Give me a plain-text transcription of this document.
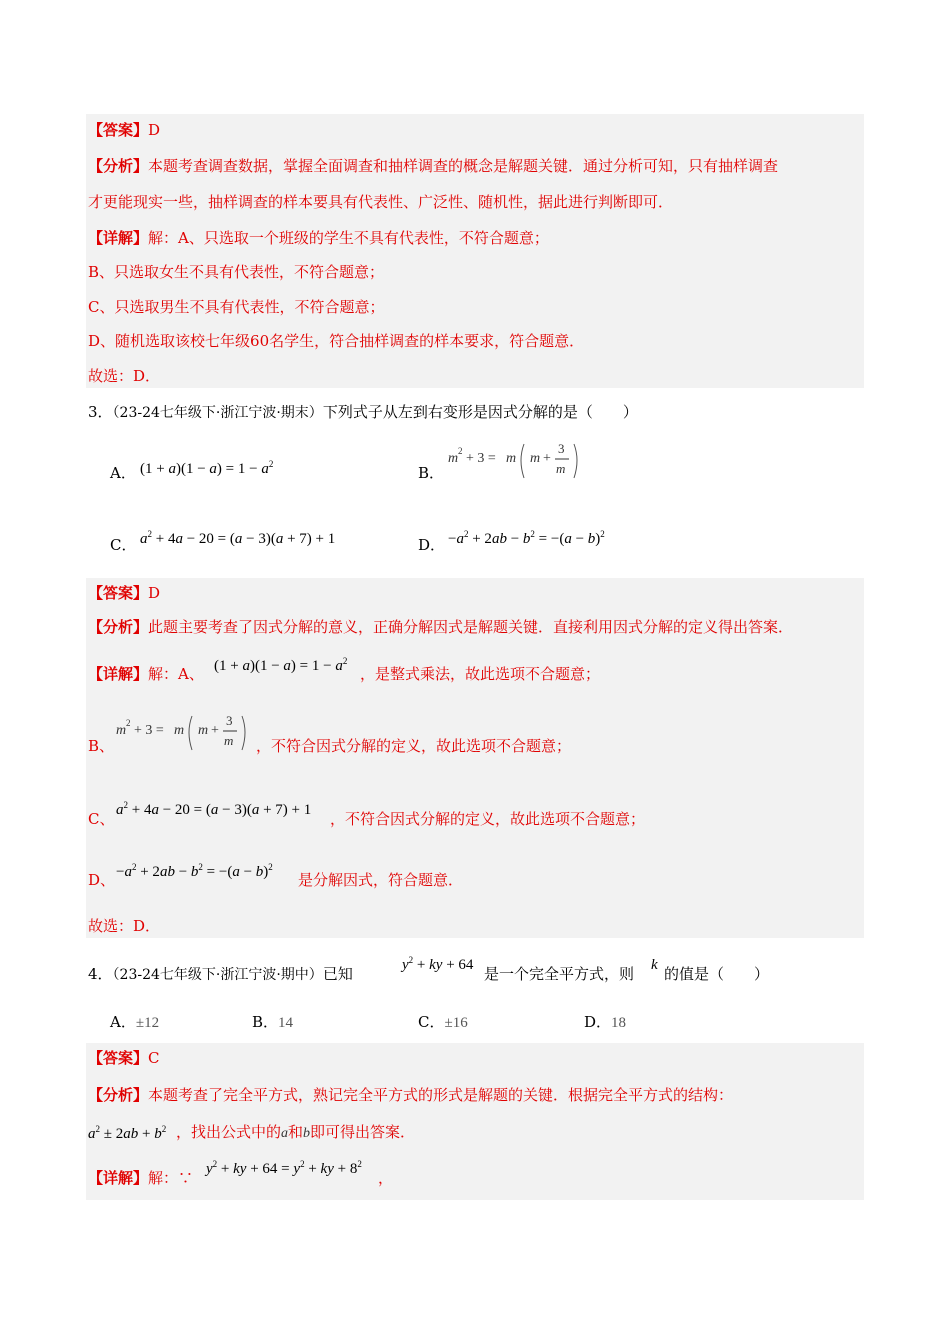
【答案】D
【分析】本题考查调查数据，掌握全面调查和抽样调查的概念是解题关键．通过分析可知，只有抽样调查
才更能现实一些，抽样调查的样本要具有代表性、广泛性、随机性，据此进行判断即可．
【详解】解：A、只选取一个班级的学生不具有代表性，不符合题意；
B、只选取女生不具有代表性，不符合题意；
C、只选取男生不具有代表性，不符合题意；
D、随机选取该校七年级60名学生，符合抽样调查的样本要求，符合题意．
故选：D．
3．（23-24七年级下·浙江宁波·期末）下列式子从左到右变形是因式分解的是（　　）
A． $(1 + a)(1 - a) = 1 - a^2$	B．
m 2 + 3 = m m +
3
m
C． $a^2 + 4a - 20 = (a - 3)(a + 7) + 1$	D． $-a^2 + 2ab - b^2 = -(a - b)^2$
【答案】D
【分析】此题主要考查了因式分解的意义，正确分解因式是解题关键．直接利用因式分解的定义得出答案．
【详解】解：A、 $(1 + a)(1 - a) = 1 - a^2$
，是整式乘法，故此选项不合题意；
B、
m 2 + 3 = m m +
3
m ，不符合因式分解的定义，故此选项不合题意；
C、 $a^2 + 4a - 20 = (a - 3)(a + 7) + 1$ ，不符合因式分解的定义，故此选项不合题意；
D、 $-a^2 + 2ab - b^2 = -(a - b)^2$
是分解因式，符合题意．
故选：D．
4．（23-24七年级下·浙江宁波·期中）已知	$y^2$ + ky + 64 是一个完全平方式，则 k 的值是（　　）
A．±12	B．14	C．±16	D．18
【答案】C
【分析】本题考查了完全平方式，熟记完全平方式的形式是解题的关键．根据完全平方式的结构：
$a^2 \pm 2ab + b^2$ ，找出公式中的a和b即可得出答案．
【详解】解：∵ $y^2$ + ky + $64 = y^2$ + ky + $8^2$
，
